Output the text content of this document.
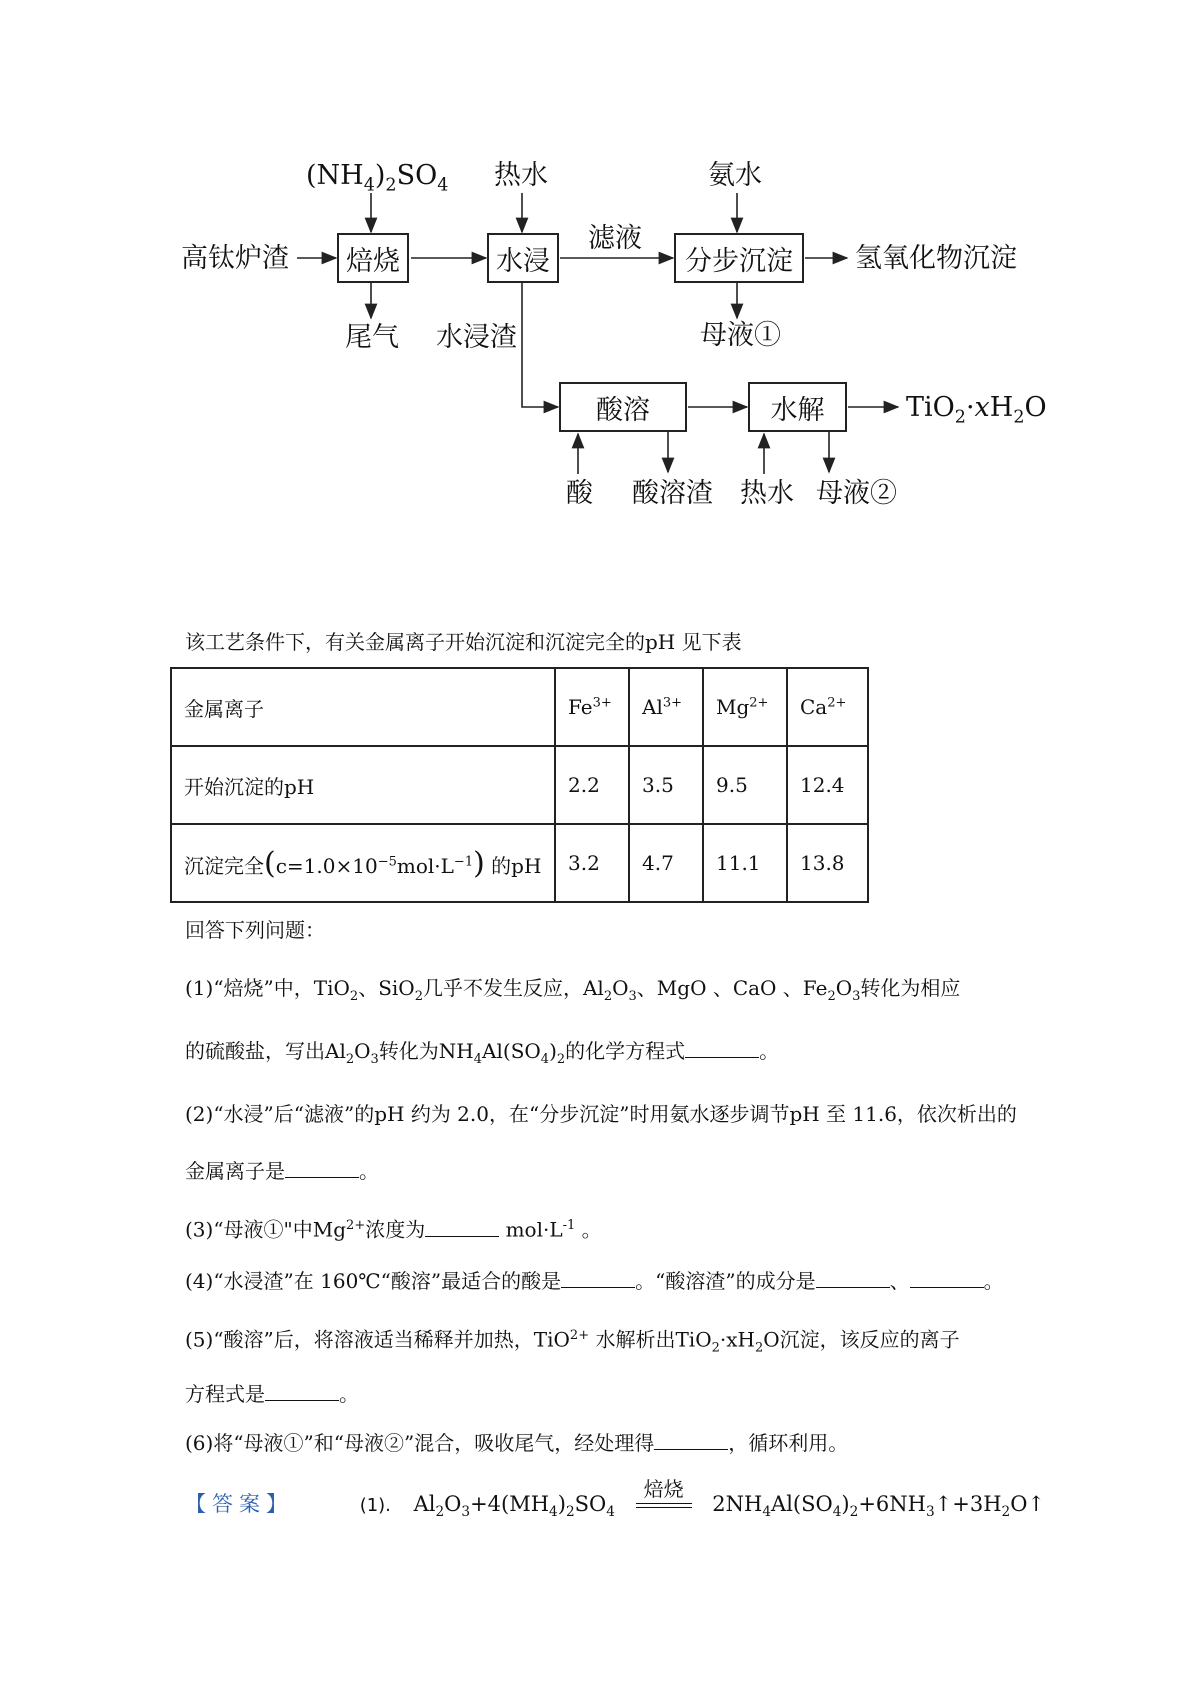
$(NH_4)_2SO_4$ 热水	氨水
高钛炉渣	焙烧	水浸	分步沉淀
酸溶	水解
滤液
氢氧化物沉淀
尾气 水浸渣	母液①
$TiO_2\cdot xH_2O$
酸 酸溶渣 热水 母液②
该工艺条件下，有关金属离子开始沉淀和沉淀完全的pH 见下表
金属离子	$Fe^{3+}$	$Al^{3+}$	$Mg^{2+}$	$Ca^{2+}$
开始沉淀的pH	2.2	3.5	9.5	12.4
沉淀完全$(c=1.0\times 10^{-5}mol\cdot L^{-1})$ 的pH	3.2	4.7	11.1	13.8
回答下列问题：
(1)“焙烧”中，TiO$_2$、SiO$_2$几乎不发生反应，$Al_2O_3$、MgO 、CaO 、$Fe_2O_3$转化为相应
的硫酸盐，写出$Al_2O_3$转化为$NH_4Al(SO_4)_2$的化学方程式	。
(2)“水浸”后“滤液”的pH 约为 2.0，在“分步沉淀”时用氨水逐步调节pH 至 11.6，依次析出的
金属离子是	。
(3)“母液①"中$Mg^{2+}$浓度为	$mol\cdot L^{-1}$ 。
(4)“水浸渣”在 160℃“酸溶”最适合的酸是	。“酸溶渣”的成分是	、	。
(5)“酸溶”后，将溶液适当稀释并加热，TiO$^{2+}$ 水解析出$TiO_2\cdot xH_2O$沉淀，该反应的离子
方程式是	。
(6)将“母液①”和“母液②”混合，吸收尾气，经处理得	，循环利用。
【答案】	(1). $Al_2O_3+4(MH_4)_2SO_4$
焙烧
$2NH_4Al(SO_4)_2+6NH_3↑+3H_2O↑$
